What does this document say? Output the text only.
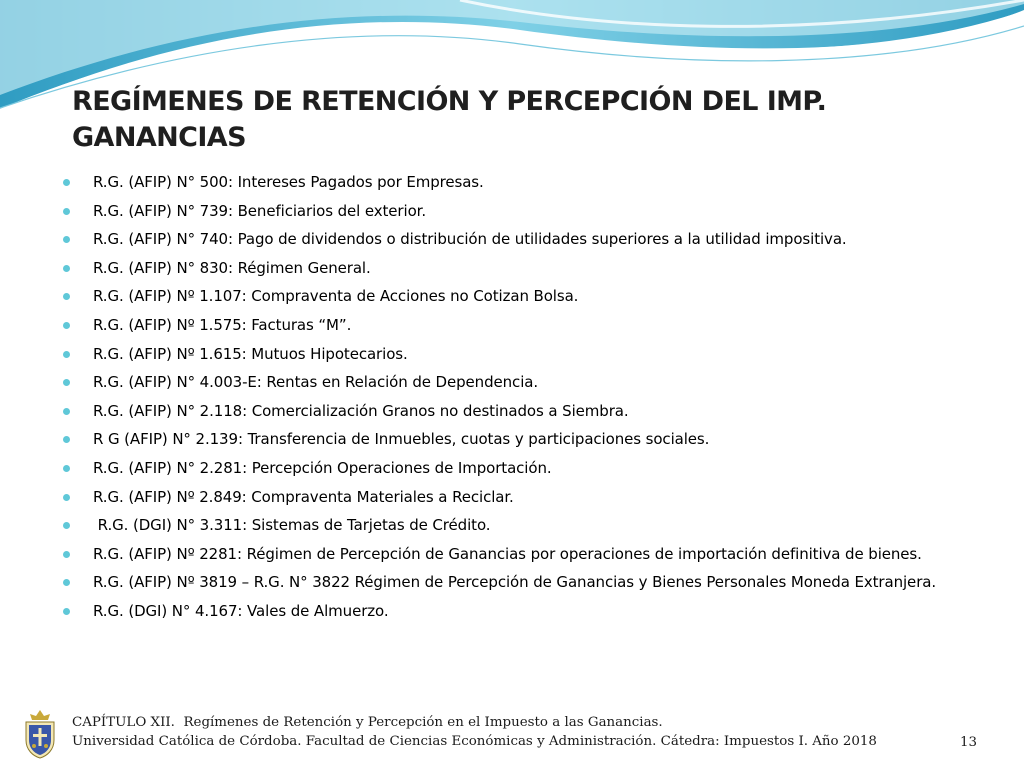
REGÍMENES DE RETENCIÓN Y PERCEPCIÓN DEL IMP.
GANANCIAS
R.G. (AFIP) N° 500: Intereses Pagados por Empresas.
R.G. (AFIP) N° 739: Beneficiarios del exterior.
R.G. (AFIP) N° 740: Pago de dividendos o distribución de utilidades superiores a la utilidad impositiva.
R.G. (AFIP) N° 830: Régimen General.
R.G. (AFIP) Nº 1.107: Compraventa de Acciones no Cotizan Bolsa.
R.G. (AFIP) Nº 1.575: Facturas “M”.
R.G. (AFIP) Nº 1.615: Mutuos Hipotecarios.
R.G. (AFIP) N° 4.003-E: Rentas en Relación de Dependencia.
R.G. (AFIP) N° 2.118: Comercialización Granos no destinados a Siembra.
R G (AFIP) N° 2.139: Transferencia de Inmuebles, cuotas y participaciones sociales.
R.G. (AFIP) N° 2.281: Percepción Operaciones de Importación.
R.G. (AFIP) Nº 2.849: Compraventa Materiales a Reciclar.
R.G. (DGI) N° 3.311: Sistemas de Tarjetas de Crédito.
R.G. (AFIP) Nº 2281: Régimen de Percepción de Ganancias por operaciones de importación definitiva de bienes.
R.G. (AFIP) Nº 3819 – R.G. N° 3822 Régimen de Percepción de Ganancias y Bienes Personales Moneda Extranjera.
R.G. (DGI) N° 4.167: Vales de Almuerzo.
CAPÍTULO XII.  Regímenes de Retención y Percepción en el Impuesto a las Ganancias.
Universidad Católica de Córdoba. Facultad de Ciencias Económicas y Administración. Cátedra: Impuestos I. Año 2018	13
